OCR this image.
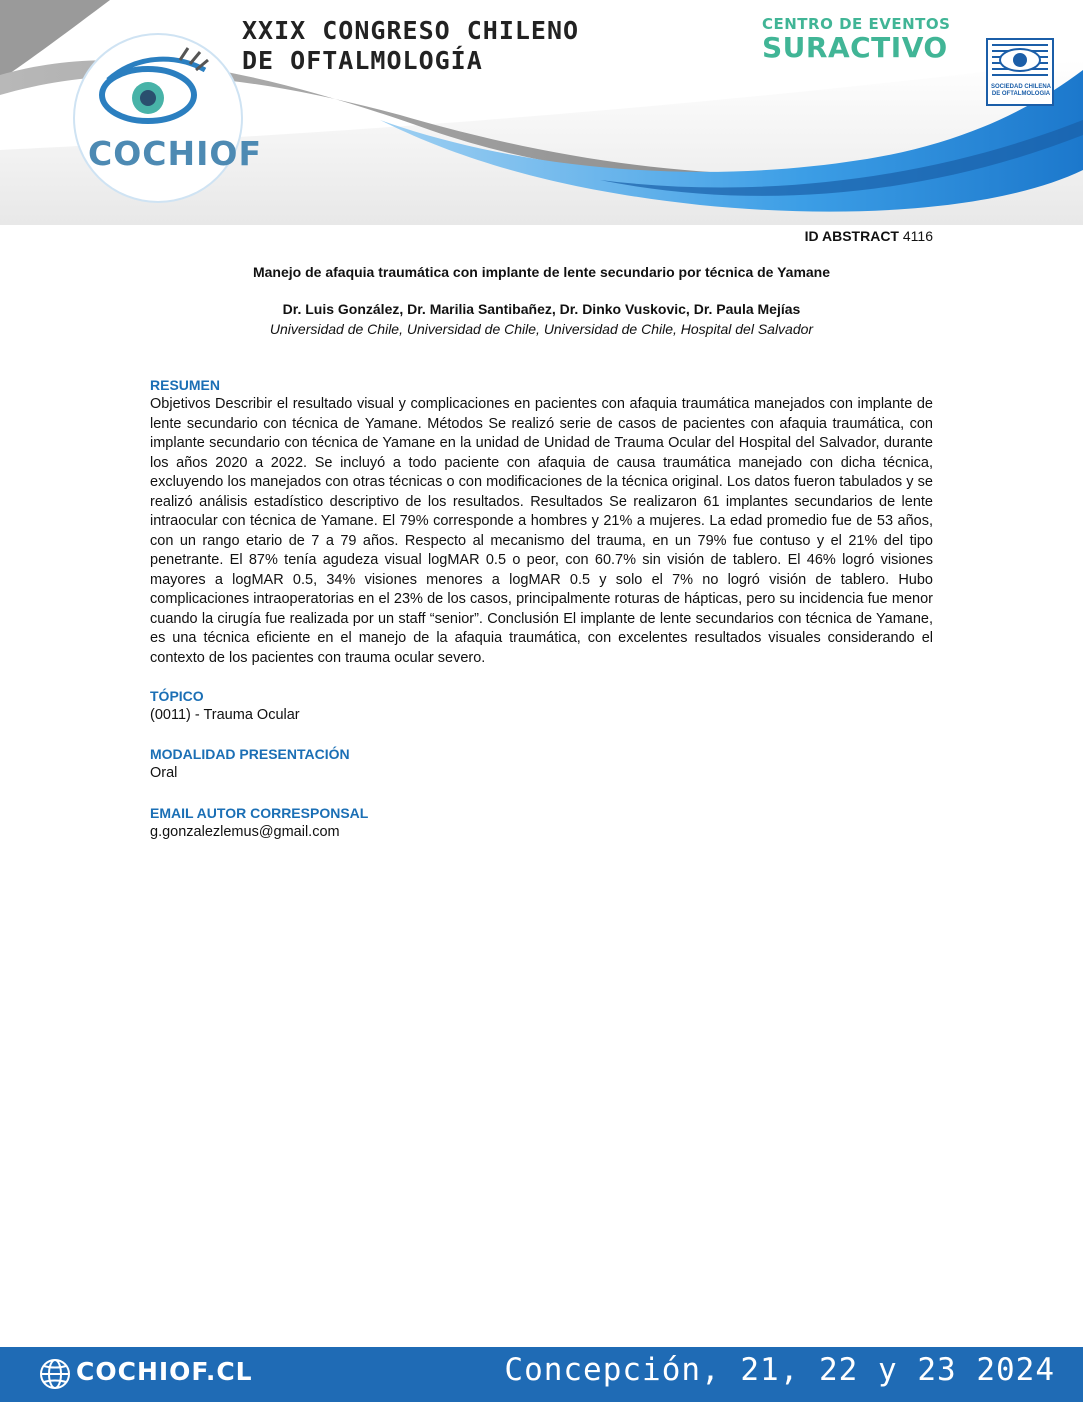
XXIX CONGRESO CHILENO
DE OFTALMOLOGÍA
CENTRO DE EVENTOS
SURACTIVO
COCHIOF
SOCIEDAD CHILENA
DE OFTALMOLOGIA
ID ABSTRACT 4116
Manejo de afaquia traumática con implante de lente secundario por técnica de Yamane
Dr. Luis González, Dr. Marilia Santibañez, Dr. Dinko Vuskovic, Dr. Paula Mejías
Universidad de Chile, Universidad de Chile, Universidad de Chile, Hospital del Salvador
RESUMEN
Objetivos Describir el resultado visual y complicaciones en pacientes con afaquia traumática manejados con implante de lente secundario con técnica de Yamane. Métodos Se realizó serie de casos de pacientes con afaquia traumática, con implante secundario con técnica de Yamane en la unidad de Unidad de Trauma Ocular del Hospital del Salvador, durante los años 2020 a 2022. Se incluyó a todo paciente con afaquia de causa traumática manejado con dicha técnica, excluyendo los manejados con otras técnicas o con modificaciones de la técnica original. Los datos fueron tabulados y se realizó análisis estadístico descriptivo de los resultados. Resultados Se realizaron 61 implantes secundarios de lente intraocular con técnica de Yamane. El 79% corresponde a hombres y 21% a mujeres. La edad promedio fue de 53 años, con un rango etario de 7 a 79 años. Respecto al mecanismo del trauma, en un 79% fue contuso y el 21% del tipo penetrante. El 87% tenía agudeza visual logMAR 0.5 o peor, con 60.7% sin visión de tablero. El 46% logró visiones mayores a logMAR 0.5, 34% visiones menores a logMAR 0.5 y solo el 7% no logró visión de tablero. Hubo complicaciones intraoperatorias en el 23% de los casos, principalmente roturas de hápticas, pero su incidencia fue menor cuando la cirugía fue realizada por un staff “senior”. Conclusión El implante de lente secundarios con técnica de Yamane, es una técnica eficiente en el manejo de la afaquia traumática, con excelentes resultados visuales considerando el contexto de los pacientes con trauma ocular severo.
TÓPICO
(0011) - Trauma Ocular
MODALIDAD PRESENTACIÓN
Oral
EMAIL AUTOR CORRESPONSAL
g.gonzalezlemus@gmail.com
COCHIOF.CL	Concepción, 21, 22 y 23 2024
